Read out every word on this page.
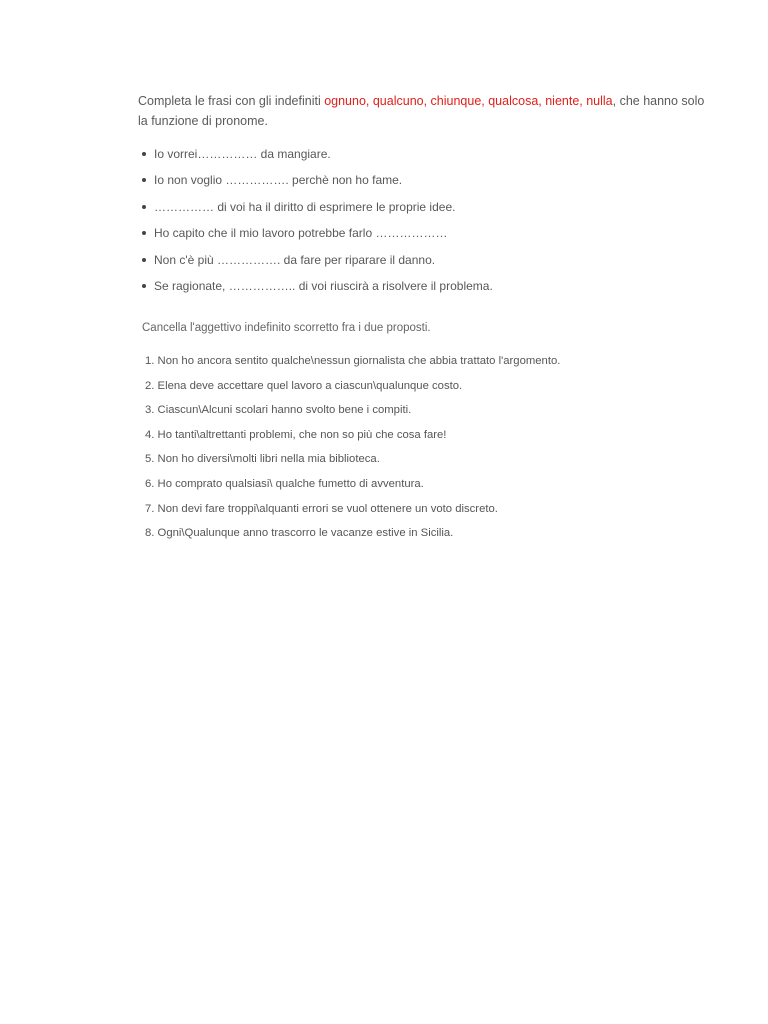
Completa le frasi con gli indefiniti ognuno, qualcuno, chiunque, qualcosa, niente, nulla, che hanno solo la funzione di pronome.

Io vorrei…………… da mangiare.
Io non voglio ……………. perchè non ho fame.
…………… di voi ha il diritto di esprimere le proprie idee.
Ho capito che il mio lavoro potrebbe farlo ………………
Non c'è più ……………. da fare per riparare il danno.
Se ragionate, …………….. di voi riuscirà a risolvere il problema.

Cancella l'aggettivo indefinito scorretto fra i due proposti.

1. Non ho ancora sentito qualche\nessun giornalista che abbia trattato l'argomento.
2. Elena deve accettare quel lavoro a ciascun\qualunque costo.
3. Ciascun\Alcuni scolari hanno svolto bene i compiti.
4. Ho tanti\altrettanti problemi, che non so più che cosa fare!
5. Non ho diversi\molti libri nella mia biblioteca.
6. Ho comprato qualsiasi\ qualche fumetto di avventura.
7. Non devi fare troppi\alquanti errori se vuol ottenere un voto discreto.
8. Ogni\Qualunque anno trascorro le vacanze estive in Sicilia.
